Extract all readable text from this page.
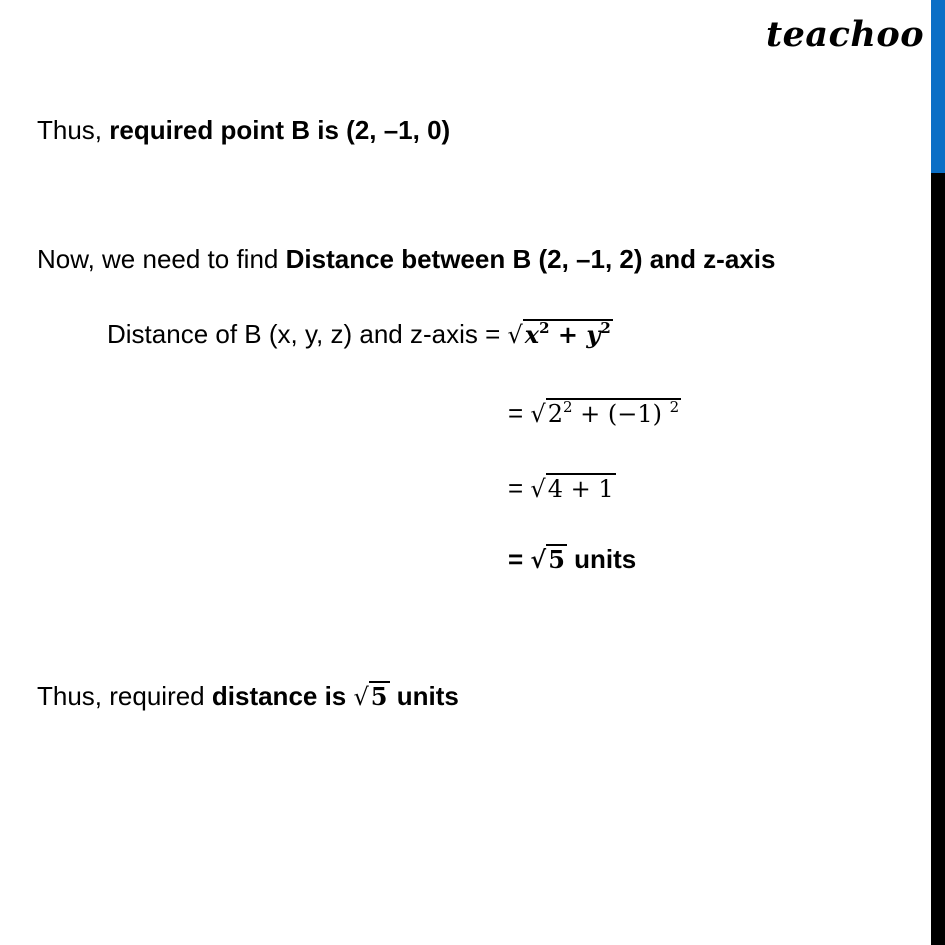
teachoo
Thus, required point B is (2, –1, 0)
Now, we need to find Distance between B (2, –1, 2) and z-axis
Distance of B (x, y, z) and z-axis = $√x^2 + y^2$
= $√2^2 + (-1)$ $^2$
= √4 + 1
= √5 units
Thus, required distance is √5 units
